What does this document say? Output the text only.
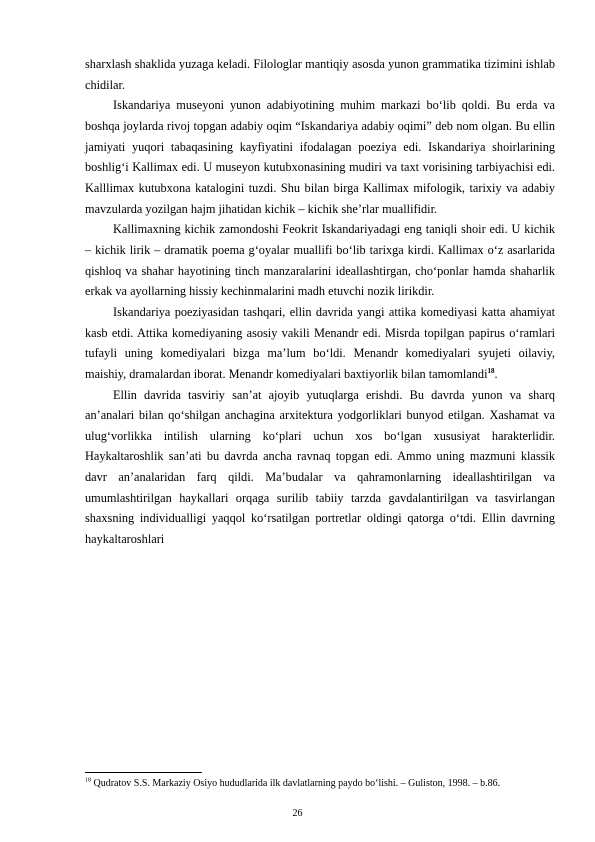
sharxlash shaklida yuzaga keladi. Filologlar mantiqiy asosda yunon grammatika tizimini ishlab chidilar.

Iskandariya museyoni yunon adabiyotining muhim markazi bo‘lib qoldi. Bu erda va boshqa joylarda rivoj topgan adabiy oqim “Iskandariya adabiy oqimi” deb nom olgan. Bu ellin jamiyati yuqori tabaqasining kayfiyatini ifodalagan poeziya edi. Iskandariya shoirlarining boshlig‘i Kallimax edi. U museyon kutubxonasining mudiri va taxt vorisining tarbiyachisi edi. Kalllimax kutubxona katalogini tuzdi. Shu bilan birga Kallimax mifologik, tarixiy va adabiy mavzularda yozilgan hajm jihatidan kichik – kichik she’rlar muallifidir.

Kallimaxning kichik zamondoshi Feokrit Iskandariyadagi eng taniqli shoir edi. U kichik – kichik lirik – dramatik poema g‘oyalar muallifi bo‘lib tarixga kirdi. Kallimax o‘z asarlarida qishloq va shahar hayotining tinch manzaralarini ideallashtirgan, cho‘ponlar hamda shaharlik erkak va ayollarning hissiy kechinmalarini madh etuvchi nozik lirikdir.

Iskandariya poeziyasidan tashqari, ellin davrida yangi attika komediyasi katta ahamiyat kasb etdi. Attika komediyaning asosiy vakili Menandr edi. Misrda topilgan papirus o‘ramlari tufayli uning komediyalari bizga ma’lum bo‘ldi. Menandr komediyalari syujeti oilaviy, maishiy, dramalardan iborat. Menandr komediyalari baxtiyorlik bilan tamomlandi$^{18}$.

Ellin davrida tasviriy san’at ajoyib yutuqlarga erishdi. Bu davrda yunon va sharq an’analari bilan qo‘shilgan anchagina arxitektura yodgorliklari bunyod etilgan. Xashamat va ulug‘vorlikka intilish ularning ko‘plari uchun xos bo‘lgan xususiyat harakterlidir. Haykaltaroshlik san’ati bu davrda ancha ravnaq topgan edi. Ammo uning mazmuni klassik davr an’analaridan farq qildi. Ma’budalar va qahramonlarning ideallashtirilgan va umumlashtirilgan haykallari orqaga surilib tabiiy tarzda gavdalantirilgan va tasvirlangan shaxsning individualligi yaqqol ko‘rsatilgan portretlar oldingi qatorga o‘tdi. Ellin davrning haykaltaroshlari

$^{18}$ Qudratov S.S. Markaziy Osiyo hududlarida ilk davlatlarning paydo bo‘lishi. – Guliston, 1998. – b.86.
26
